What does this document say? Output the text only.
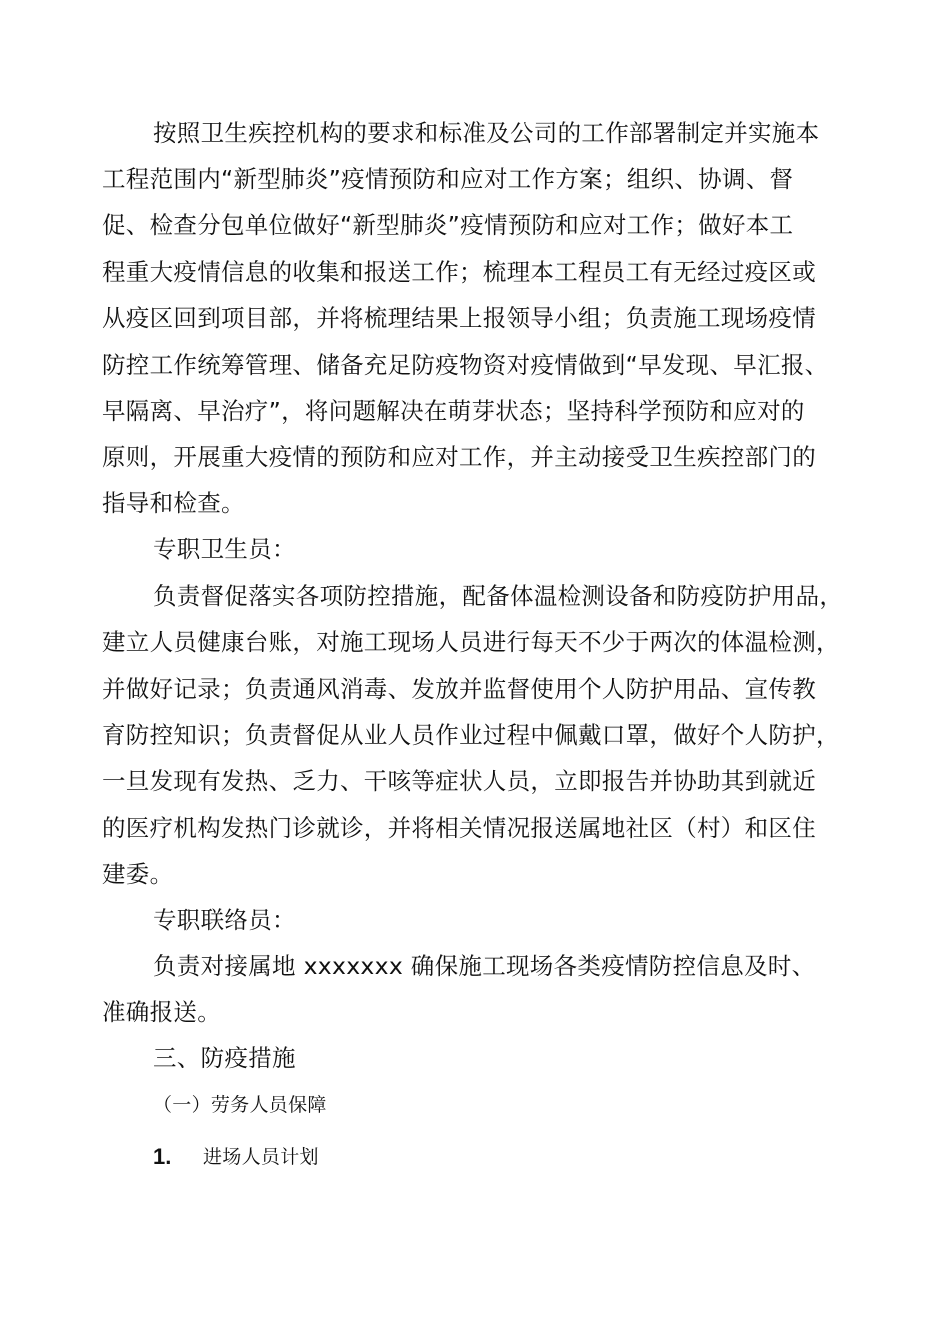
按照卫生疾控机构的要求和标准及公司的工作部署制定并实施本
工程范围内“新型肺炎”疫情预防和应对工作方案；组织、协调、督
促、检查分包单位做好“新型肺炎”疫情预防和应对工作；做好本工
程重大疫情信息的收集和报送工作；梳理本工程员工有无经过疫区或
从疫区回到项目部，并将梳理结果上报领导小组；负责施工现场疫情
防控工作统筹管理、储备充足防疫物资对疫情做到“早发现、早汇报、
早隔离、早治疗”，将问题解决在萌芽状态；坚持科学预防和应对的
原则，开展重大疫情的预防和应对工作，并主动接受卫生疾控部门的
指导和检查。
专职卫生员：
负责督促落实各项防控措施，配备体温检测设备和防疫防护用品，
建立人员健康台账，对施工现场人员进行每天不少于两次的体温检测，
并做好记录；负责通风消毒、发放并监督使用个人防护用品、宣传教
育防控知识；负责督促从业人员作业过程中佩戴口罩，做好个人防护，
一旦发现有发热、乏力、干咳等症状人员，立即报告并协助其到就近
的医疗机构发热门诊就诊，并将相关情况报送属地社区（村）和区住
建委。
专职联络员：
负责对接属地 xxxxxxx 确保施工现场各类疫情防控信息及时、
准确报送。
三、防疫措施
（一）劳务人员保障
1. 进场人员计划
